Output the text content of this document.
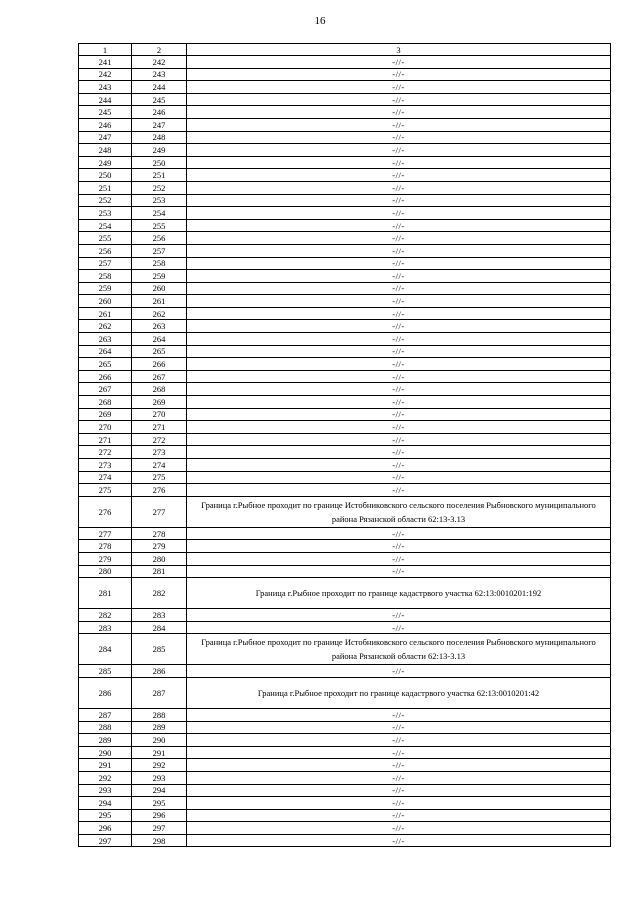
16
1	2	3
241	242	-//-
242	243	-//-
243	244	-//-
244	245	-//-
245	246	-//-
246	247	-//-
247	248	-//-
248	249	-//-
249	250	-//-
250	251	-//-
251	252	-//-
252	253	-//-
253	254	-//-
254	255	-//-
255	256	-//-
256	257	-//-
257	258	-//-
258	259	-//-
259	260	-//-
260	261	-//-
261	262	-//-
262	263	-//-
263	264	-//-
264	265	-//-
265	266	-//-
266	267	-//-
267	268	-//-
268	269	-//-
269	270	-//-
270	271	-//-
271	272	-//-
272	273	-//-
273	274	-//-
274	275	-//-
275	276	-//-
276	277	Граница г.Рыбное проходит по границе Истобниковского сельского поселения Рыбновского муниципального района Рязанской области 62:13-3.13
277	278	-//-
278	279	-//-
279	280	-//-
280	281	-//-
281	282	Граница г.Рыбное проходит по границе кадастрвого участка 62:13:0010201:192
282	283	-//-
283	284	-//-
284	285	Граница г.Рыбное проходит по границе Истобниковского сельского поселения Рыбновского муниципального района Рязанской области 62:13-3.13
285	286	-//-
286	287	Граница г.Рыбное проходит по границе кадастрвого участка 62:13:0010201:42
287	288	-//-
288	289	-//-
289	290	-//-
290	291	-//-
291	292	-//-
292	293	-//-
293	294	-//-
294	295	-//-
295	296	-//-
296	297	-//-
297	298	-//-
